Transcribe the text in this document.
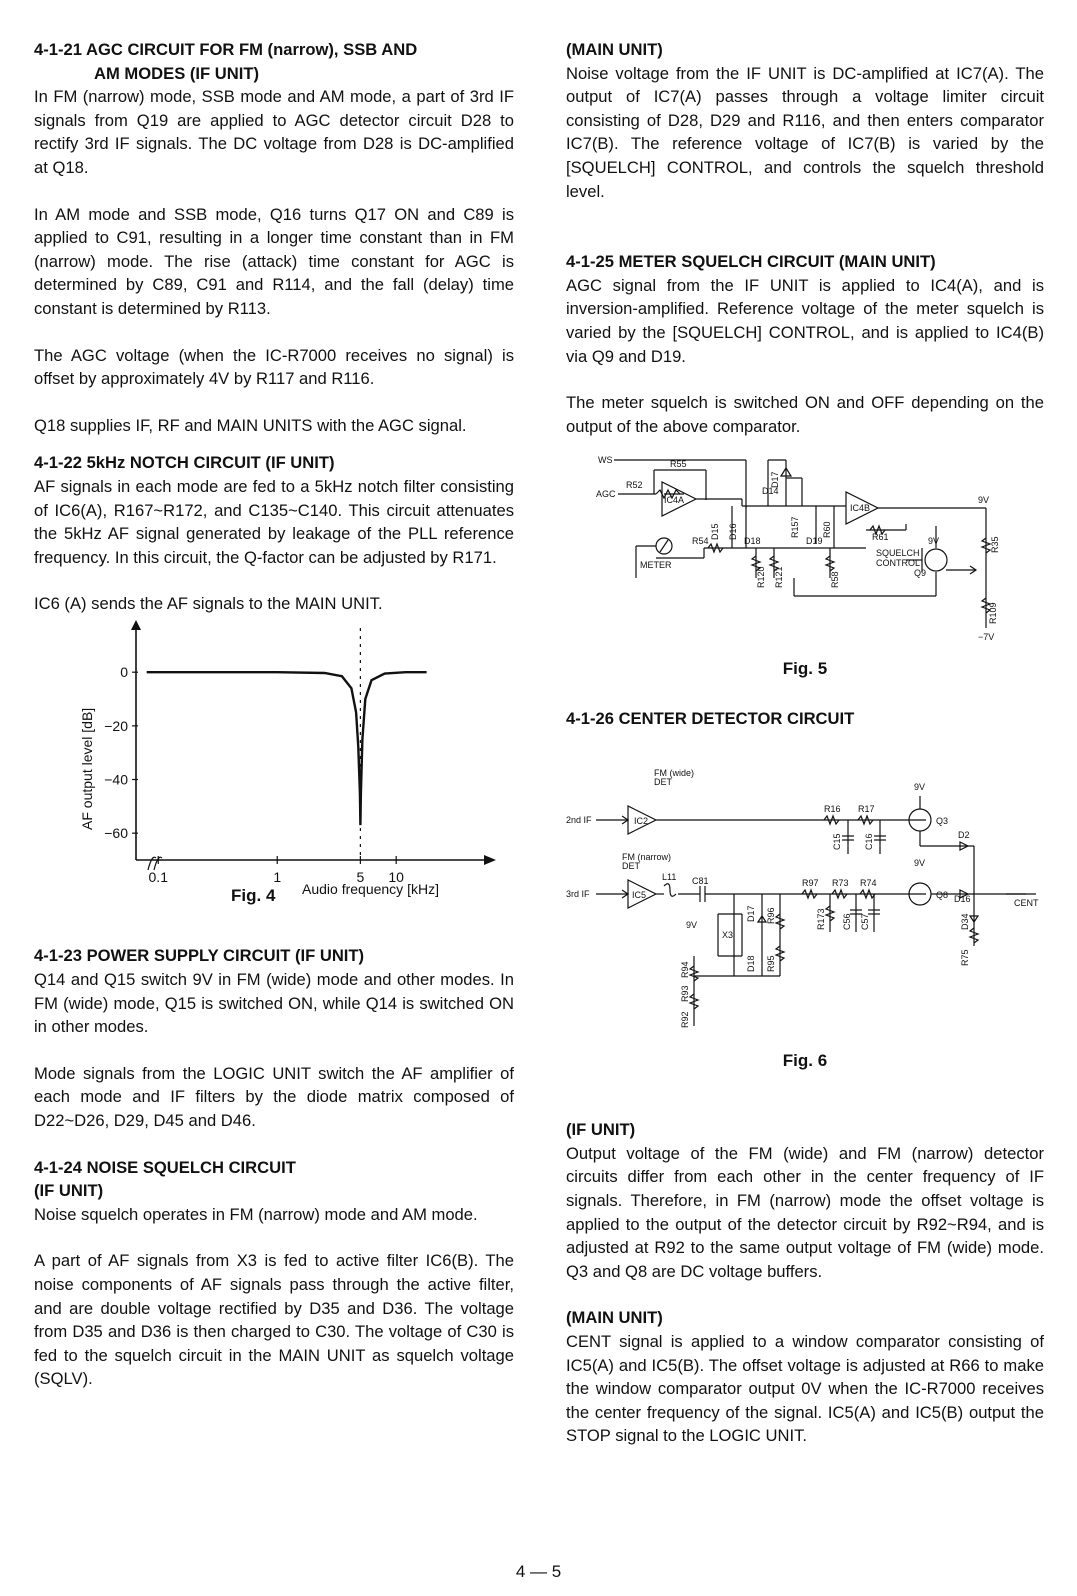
4-1-21 AGC CIRCUIT FOR FM (narrow), SSB AND
AM MODES (IF UNIT)

In FM (narrow) mode, SSB mode and AM mode, a part of 3rd IF signals from Q19 are applied to AGC detector circuit D28 to rectify 3rd IF signals. The DC voltage from D28 is DC-amplified at Q18.

In AM mode and SSB mode, Q16 turns Q17 ON and C89 is applied to C91, resulting in a longer time constant than in FM (narrow) mode. The rise (attack) time constant for AGC is determined by C89, C91 and R114, and the fall (delay) time constant is determined by R113.

The AGC voltage (when the IC-R7000 receives no signal) is offset by approximately 4V by R117 and R116.

Q18 supplies IF, RF and MAIN UNITS with the AGC signal.

4-1-22 5kHz NOTCH CIRCUIT (IF UNIT)

AF signals in each mode are fed to a 5kHz notch filter consisting of IC6(A), R167~R172, and C135~C140. This circuit attenuates the 5kHz AF signal generated by leakage of the PLL reference frequency. In this circuit, the Q-factor can be adjusted by R171.

IC6 (A) sends the AF signals to the MAIN UNIT.

0
−20
−40
−60
0.1	1	5 10
AF output level [dB]
Fig. 4 Audio frequency [kHz]
4-1-23 POWER SUPPLY CIRCUIT (IF UNIT)

Q14 and Q15 switch 9V in FM (wide) mode and other modes. In FM (wide) mode, Q15 is switched ON, while Q14 is switched ON in other modes.

Mode signals from the LOGIC UNIT switch the AF amplifier of each mode and IF filters by the diode matrix composed of D22~D26, D29, D45 and D46.

4-1-24 NOISE SQUELCH CIRCUIT
(IF UNIT)

Noise squelch operates in FM (narrow) mode and AM mode.

A part of AF signals from X3 is fed to active filter IC6(B). The noise components of AF signals pass through the active filter, and are double voltage rectified by D35 and D36. The voltage from D35 and D36 is then charged to C30. The voltage of C30 is fed to the squelch circuit in the MAIN UNIT as squelch voltage (SQLV).

(MAIN UNIT)

Noise voltage from the IF UNIT is DC-amplified at IC7(A). The output of IC7(A) passes through a voltage limiter circuit consisting of D28, D29 and R116, and then enters comparator IC7(B). The reference voltage of IC7(B) is varied by the [SQUELCH] CONTROL, and controls the squelch threshold level.

4-1-25 METER SQUELCH CIRCUIT (MAIN UNIT)

AGC signal from the IF UNIT is applied to IC4(A), and is inversion-amplified. Reference voltage of the meter squelch is varied by the [SQUELCH] CONTROL, and is applied to IC4(B) via Q9 and D19.

The meter squelch is switched ON and OFF depending on the output of the above comparator.

WS
AGC
R52
R55
IC4A
D17
D14
D15 D16	R157 R60
IC4B
9V
9V
R54	D18	D19	R61	R35
METER
R120 R121	R58
SQUELCH
CONTROL
Q9
R109
−7V
Fig. 5
4-1-26 CENTER DETECTOR CIRCUIT
FM (wide)
DET	9V
2nd IF	IC2
R16 R17
Q3
C15 C16	D2
FM (narrow)
DET	9V
L11 C81	R97 R73 R74
3rd IF	IC5	Q8 D16	CENT
D17 R96	R173 C56 C57	D34
9V
X3
R94	D18 R95	R75
R93
R92
Fig. 6
(IF UNIT)

Output voltage of the FM (wide) and FM (narrow) detector circuits differ from each other in the center frequency of IF signals. Therefore, in FM (narrow) mode the offset voltage is applied to the output of the detector circuit by R92~R94, and is adjusted at R92 to the same output voltage of FM (wide) mode. Q3 and Q8 are DC voltage buffers.

(MAIN UNIT)

CENT signal is applied to a window comparator consisting of IC5(A) and IC5(B). The offset voltage is adjusted at R66 to make the window comparator output 0V when the IC-R7000 receives the center frequency of the signal. IC5(A) and IC5(B) output the STOP signal to the LOGIC UNIT.

4 — 5
